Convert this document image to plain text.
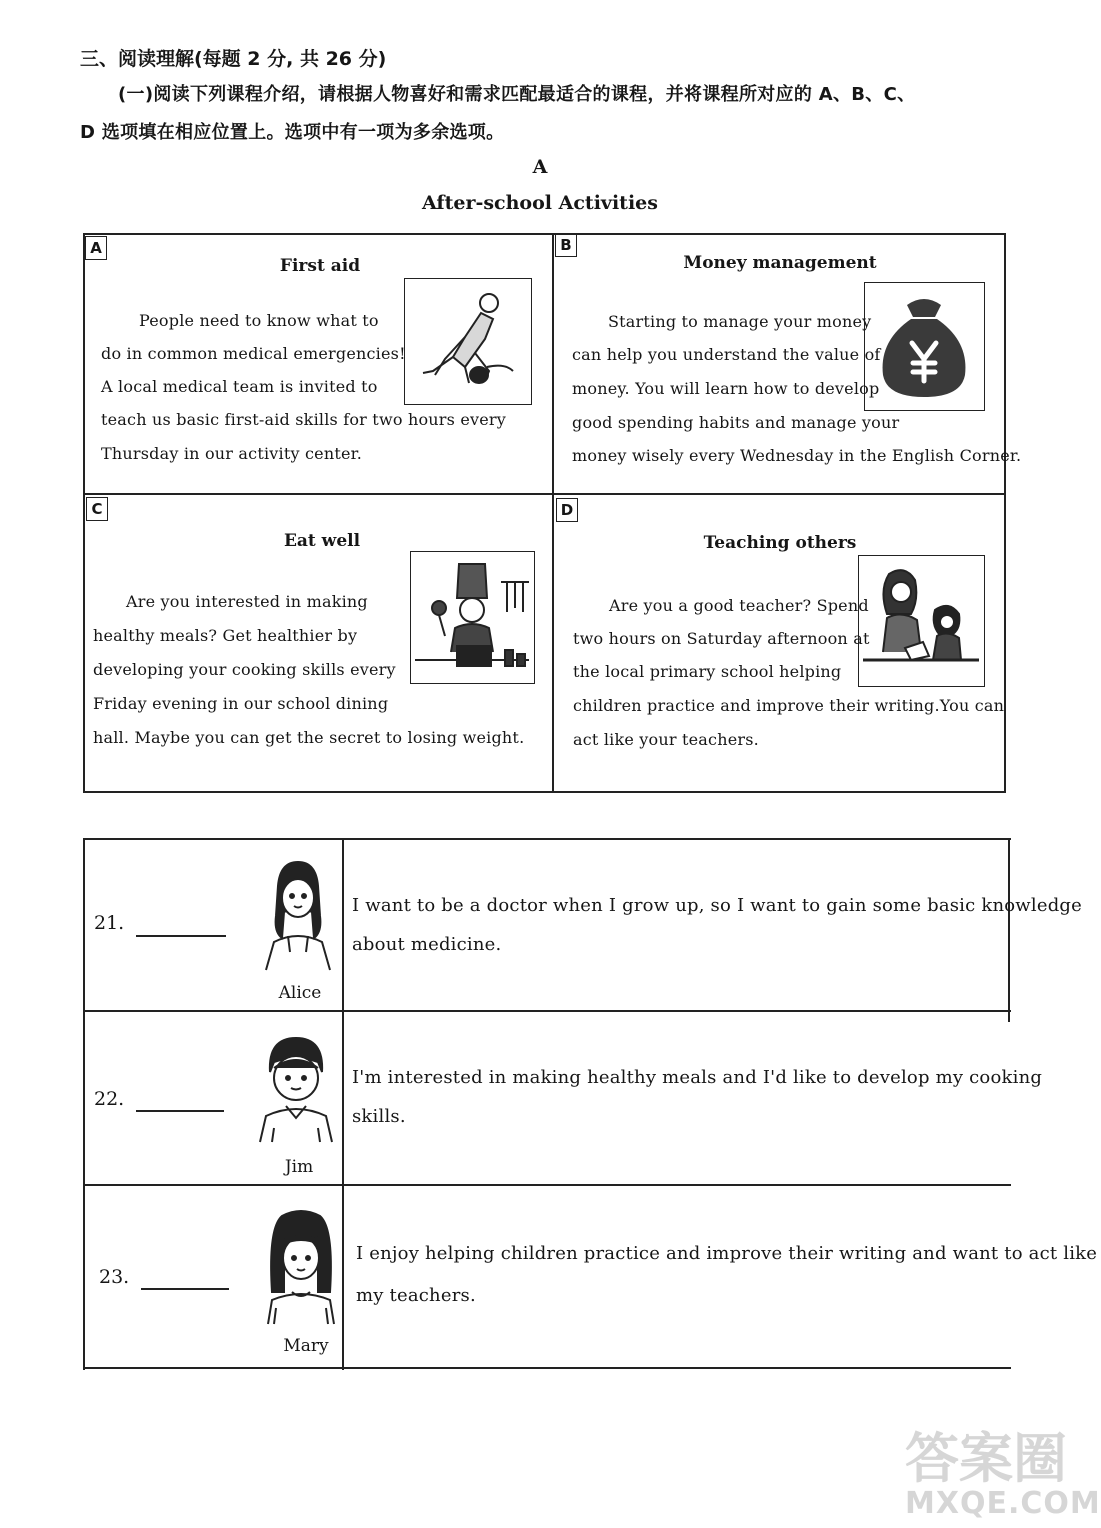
三、阅读理解(每题 2 分, 共 26 分)
(一)阅读下列课程介绍，请根据人物喜好和需求匹配最适合的课程，并将课程所对应的 A、B、C、
D 选项填在相应位置上。选项中有一项为多余选项。
A
After-school Activities
A
First aid
People need to know what to
do in common medical emergencies!
A local medical team is invited to
teach us basic first-aid skills for two hours every
Thursday in our activity center.
B
Money management
Starting to manage your money
can help you understand the value of
money. You will learn how to develop
good spending habits and manage your
money wisely every Wednesday in the English Corner.
C
Eat well
Are you interested in making
healthy meals? Get healthier by
developing your cooking skills every
Friday evening in our school dining
hall. Maybe you can get the secret to losing weight.
D
Teaching others
Are you a good teacher? Spend
two hours on Saturday afternoon at
the local primary school helping
children practice and improve their writing.You can
act like your teachers.
21.
Alice
I want to be a doctor when I grow up, so I want to gain some basic knowledge
about medicine.
22.
Jim
I'm interested in making healthy meals and I'd like to develop my cooking
skills.
23.
Mary
I enjoy helping children practice and improve their writing and want to act like
my teachers.
答案圈
MXQE.COM
